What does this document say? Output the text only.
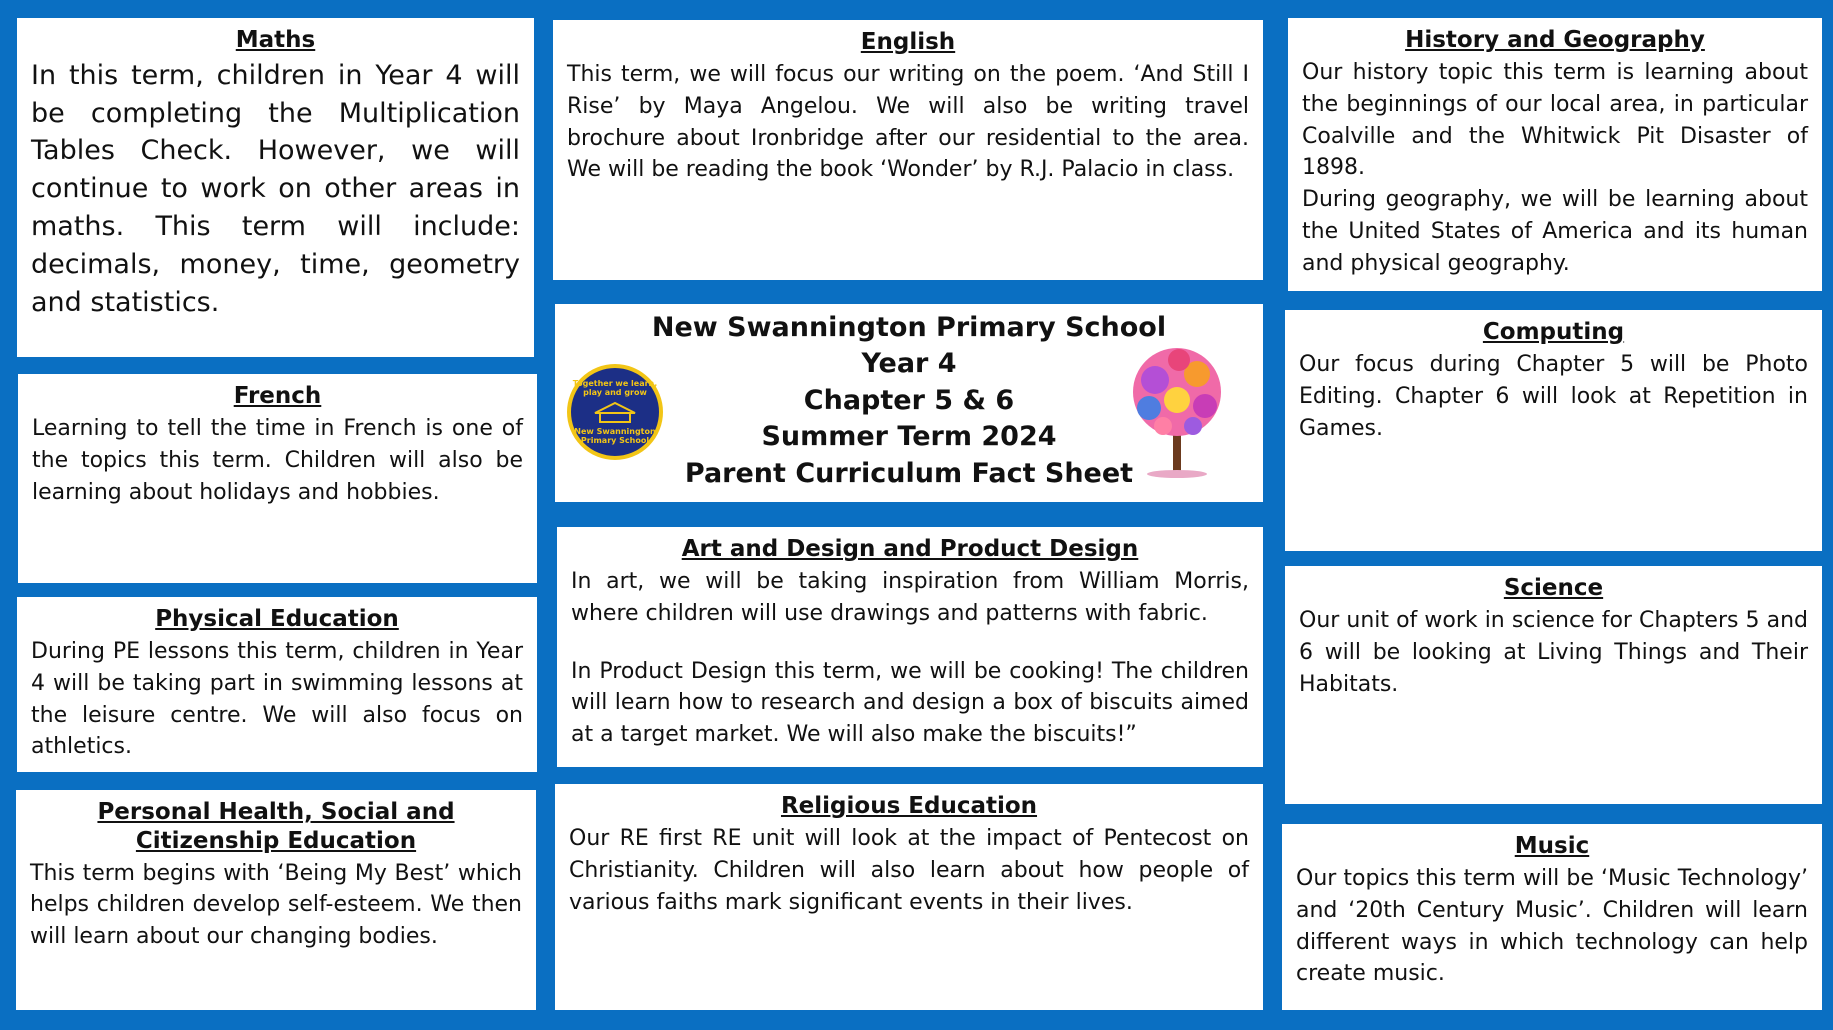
Maths

In this term, children in Year 4 will be completing the Multiplication Tables Check. However, we will continue to work on other areas in maths. This term will include: decimals, money, time, geometry and statistics.

French

Learning to tell the time in French is one of the topics this term. Children will also be learning about holidays and hobbies.

Physical Education

During PE lessons this term, children in Year 4 will be taking part in swimming lessons at the leisure centre. We will also focus on athletics.

Personal Health, Social and Citizenship Education

This term begins with ‘Being My Best’ which helps children develop self-esteem. We then will learn about our changing bodies.

English

This term, we will focus our writing on the poem. ‘And Still I Rise’ by Maya Angelou. We will also be writing travel brochure about Ironbridge after our residential to the area. We will be reading the book ‘Wonder’ by R.J. Palacio in class.

Together we learn, play and grow
New Swannington Primary School
New Swannington Primary School
Year 4
Chapter 5 & 6
Summer Term 2024
Parent Curriculum Fact Sheet
Art and Design and Product Design

In art, we will be taking inspiration from William Morris, where children will use drawings and patterns with fabric.

In Product Design this term, we will be cooking! The children will learn how to research and design a box of biscuits aimed at a target market. We will also make the biscuits!”

Religious Education

Our RE first RE unit will look at the impact of Pentecost on Christianity. Children will also learn about how people of various faiths mark significant events in their lives.

History and Geography

Our history topic this term is learning about the beginnings of our local area, in particular Coalville and the Whitwick Pit Disaster of 1898.

During geography, we will be learning about the United States of America and its human and physical geography.

Computing

Our focus during Chapter 5 will be Photo Editing. Chapter 6 will look at Repetition in Games.

Science

Our unit of work in science for Chapters 5 and 6 will be looking at Living Things and Their Habitats.

Music

Our topics this term will be ‘Music Technology’ and ‘20th Century Music’. Children will learn different ways in which technology can help create music.
